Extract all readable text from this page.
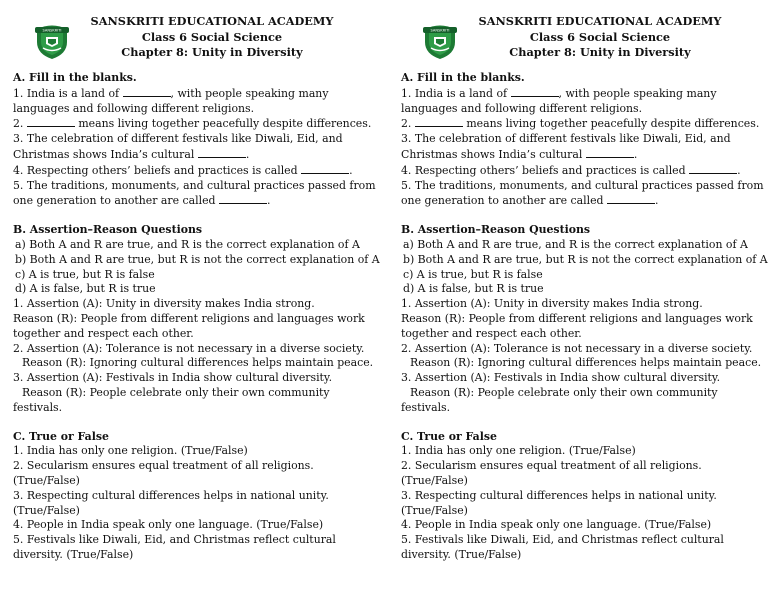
SANSKRITI
SANSKRITI EDUCATIONAL ACADEMY
Class 6 Social Science
Chapter 8: Unity in Diversity
A. Fill in the blanks.
1. India is a land of	, with people speaking many
languages and following different religions.
2.	means living together peacefully despite differences.
3. The celebration of different festivals like Diwali, Eid, and
Christmas shows India’s cultural	.
4. Respecting others’ beliefs and practices is called	.
5. The traditions, monuments, and cultural practices passed from
one generation to another are called	.
B. Assertion–Reason Questions
a) Both A and R are true, and R is the correct explanation of A
b) Both A and R are true, but R is not the correct explanation of A
c) A is true, but R is false
d) A is false, but R is true
1. Assertion (A): Unity in diversity makes India strong.
Reason (R): People from different religions and languages work
together and respect each other.
2. Assertion (A): Tolerance is not necessary in a diverse society.
Reason (R): Ignoring cultural differences helps maintain peace.
3. Assertion (A): Festivals in India show cultural diversity.
Reason (R): People celebrate only their own community
festivals.
C. True or False
1. India has only one religion. (True/False)
2. Secularism ensures equal treatment of all religions.
(True/False)
3. Respecting cultural differences helps in national unity.
(True/False)
4. People in India speak only one language. (True/False)
5. Festivals like Diwali, Eid, and Christmas reflect cultural
diversity. (True/False)
SANSKRITI
SANSKRITI EDUCATIONAL ACADEMY
Class 6 Social Science
Chapter 8: Unity in Diversity
A. Fill in the blanks.
1. India is a land of	, with people speaking many
languages and following different religions.
2.	means living together peacefully despite differences.
3. The celebration of different festivals like Diwali, Eid, and
Christmas shows India’s cultural	.
4. Respecting others’ beliefs and practices is called	.
5. The traditions, monuments, and cultural practices passed from
one generation to another are called	.
B. Assertion–Reason Questions
a) Both A and R are true, and R is the correct explanation of A
b) Both A and R are true, but R is not the correct explanation of A
c) A is true, but R is false
d) A is false, but R is true
1. Assertion (A): Unity in diversity makes India strong.
Reason (R): People from different religions and languages work
together and respect each other.
2. Assertion (A): Tolerance is not necessary in a diverse society.
Reason (R): Ignoring cultural differences helps maintain peace.
3. Assertion (A): Festivals in India show cultural diversity.
Reason (R): People celebrate only their own community
festivals.
C. True or False
1. India has only one religion. (True/False)
2. Secularism ensures equal treatment of all religions.
(True/False)
3. Respecting cultural differences helps in national unity.
(True/False)
4. People in India speak only one language. (True/False)
5. Festivals like Diwali, Eid, and Christmas reflect cultural
diversity. (True/False)
